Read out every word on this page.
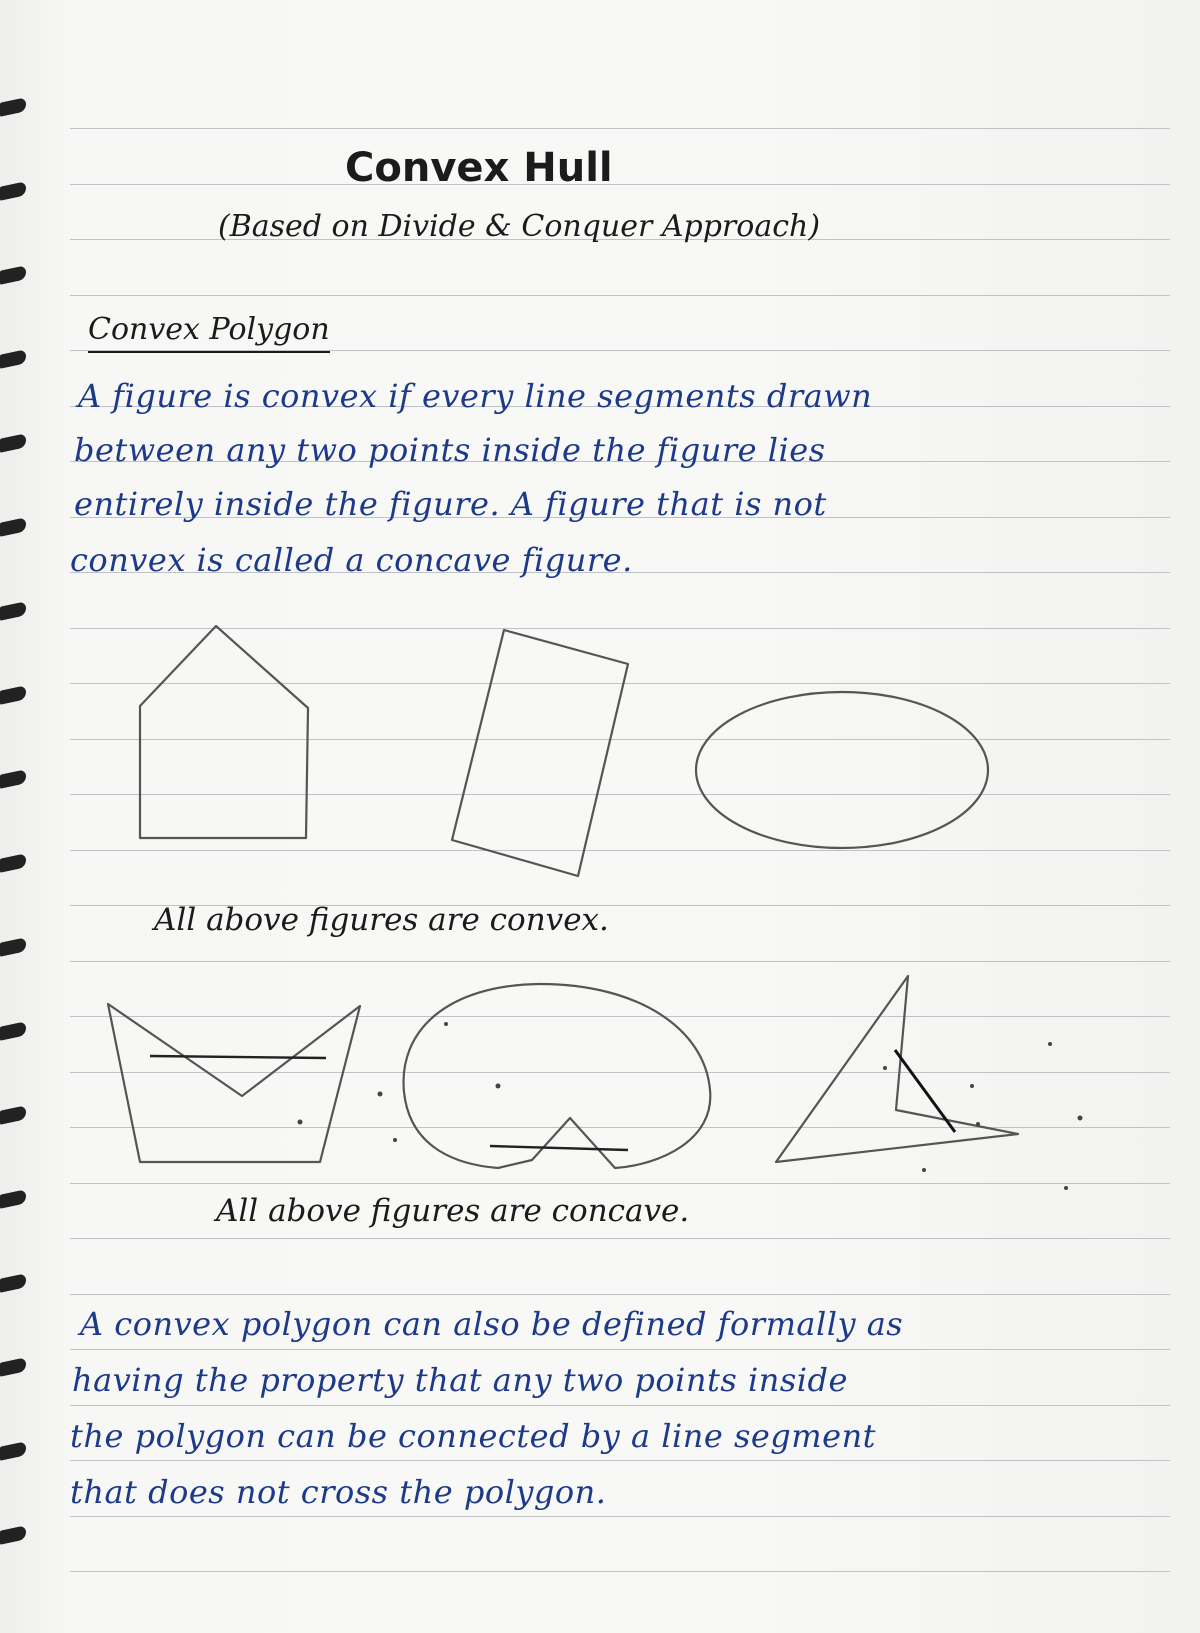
Convex Hull
(Based on Divide & Conquer Approach)
Convex Polygon
A figure is convex if every line segments drawn
between any two points inside the figure lies
entirely inside the figure. A figure that is not
convex is called a concave figure.
All above figures are convex.
All above figures are concave.
A convex polygon can also be defined formally as
having the property that any two points inside
the polygon can be connected by a line segment
that does not cross the polygon.
